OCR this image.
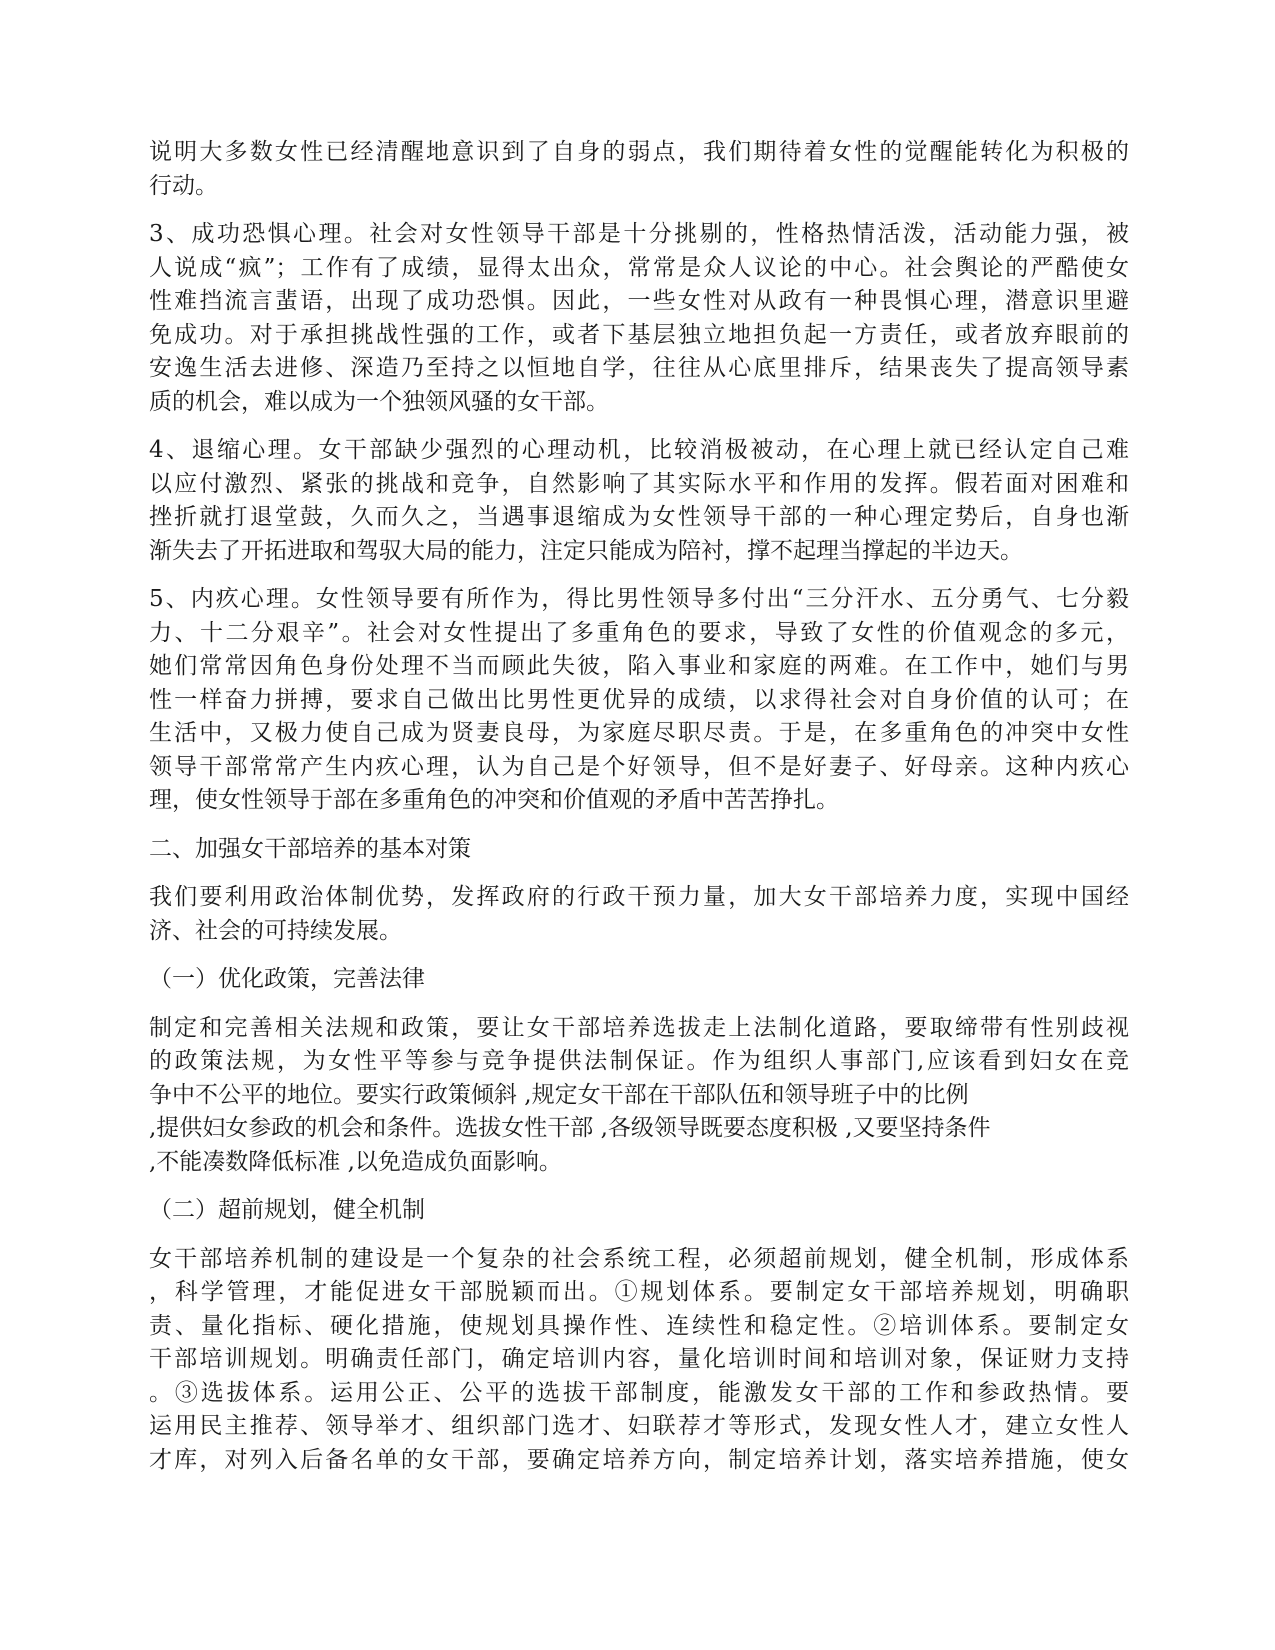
说明大多数女性已经清醒地意识到了自身的弱点，我们期待着女性的觉醒能转化为积极的
行动。
3、成功恐惧心理。社会对女性领导干部是十分挑剔的，性格热情活泼，活动能力强，被
人说成“疯”；工作有了成绩，显得太出众，常常是众人议论的中心。社会舆论的严酷使女
性难挡流言蜚语，出现了成功恐惧。因此，一些女性对从政有一种畏惧心理，潜意识里避
免成功。对于承担挑战性强的工作，或者下基层独立地担负起一方责任，或者放弃眼前的
安逸生活去进修、深造乃至持之以恒地自学，往往从心底里排斥，结果丧失了提高领导素
质的机会，难以成为一个独领风骚的女干部。
4、退缩心理。女干部缺少强烈的心理动机，比较消极被动，在心理上就已经认定自己难
以应付激烈、紧张的挑战和竞争，自然影响了其实际水平和作用的发挥。假若面对困难和
挫折就打退堂鼓，久而久之，当遇事退缩成为女性领导干部的一种心理定势后，自身也渐
渐失去了开拓进取和驾驭大局的能力，注定只能成为陪衬，撑不起理当撑起的半边天。
5、内疚心理。女性领导要有所作为，得比男性领导多付出“三分汗水、五分勇气、七分毅
力、十二分艰辛”。社会对女性提出了多重角色的要求，导致了女性的价值观念的多元，
她们常常因角色身份处理不当而顾此失彼，陷入事业和家庭的两难。在工作中，她们与男
性一样奋力拼搏，要求自己做出比男性更优异的成绩，以求得社会对自身价值的认可；在
生活中，又极力使自己成为贤妻良母，为家庭尽职尽责。于是，在多重角色的冲突中女性
领导干部常常产生内疚心理，认为自己是个好领导，但不是好妻子、好母亲。这种内疚心
理，使女性领导于部在多重角色的冲突和价值观的矛盾中苦苦挣扎。
二、加强女干部培养的基本对策
我们要利用政治体制优势，发挥政府的行政干预力量，加大女干部培养力度，实现中国经
济、社会的可持续发展。
（一）优化政策，完善法律
制定和完善相关法规和政策，要让女干部培养选拔走上法制化道路，要取缔带有性别歧视
的政策法规，为女性平等参与竞争提供法制保证。作为组织人事部门,应该看到妇女在竞
争中不公平的地位。要实行政策倾斜 ,规定女干部在干部队伍和领导班子中的比例
,提供妇女参政的机会和条件。选拔女性干部 ,各级领导既要态度积极 ,又要坚持条件
,不能凑数降低标准 ,以免造成负面影响。
（二）超前规划，健全机制
女干部培养机制的建设是一个复杂的社会系统工程，必须超前规划，健全机制，形成体系
，科学管理，才能促进女干部脱颖而出。①规划体系。要制定女干部培养规划，明确职
责、量化指标、硬化措施，使规划具操作性、连续性和稳定性。②培训体系。要制定女
干部培训规划。明确责任部门，确定培训内容，量化培训时间和培训对象，保证财力支持
。③选拔体系。运用公正、公平的选拔干部制度，能激发女干部的工作和参政热情。要
运用民主推荐、领导举才、组织部门选才、妇联荐才等形式，发现女性人才，建立女性人
才库，对列入后备名单的女干部，要确定培养方向，制定培养计划，落实培养措施，使女
